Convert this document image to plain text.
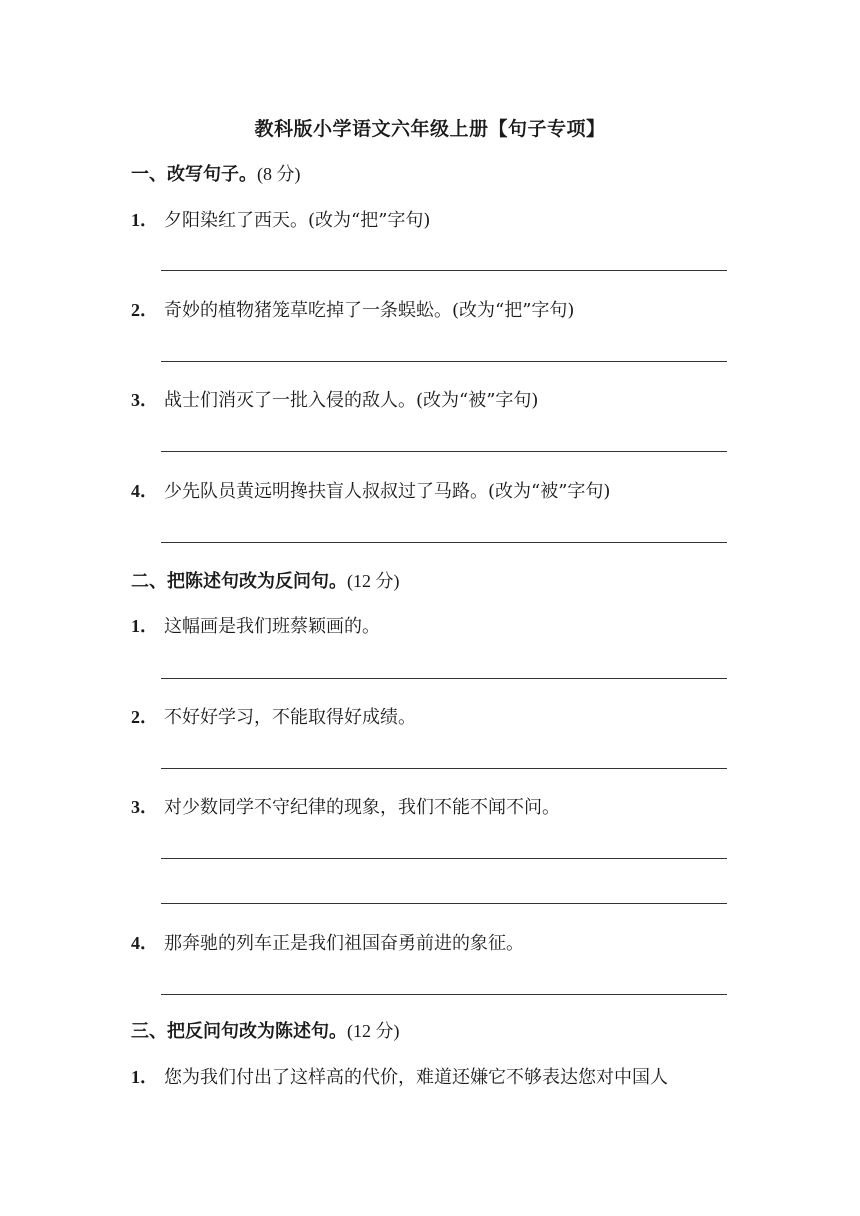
教科版小学语文六年级上册【句子专项】
一、改写句子。(8 分)
1． 夕阳染红了西天。(改为“把”字句)
2． 奇妙的植物猪笼草吃掉了一条蜈蚣。(改为“把”字句)
3． 战士们消灭了一批入侵的敌人。(改为“被”字句)
4． 少先队员黄远明搀扶盲人叔叔过了马路。(改为“被”字句)
二、把陈述句改为反问句。(12 分)
1． 这幅画是我们班蔡颖画的。
2． 不好好学习，不能取得好成绩。
3． 对少数同学不守纪律的现象，我们不能不闻不问。
4． 那奔驰的列车正是我们祖国奋勇前进的象征。
三、把反问句改为陈述句。(12 分)
1． 您为我们付出了这样高的代价，难道还嫌它不够表达您对中国人
